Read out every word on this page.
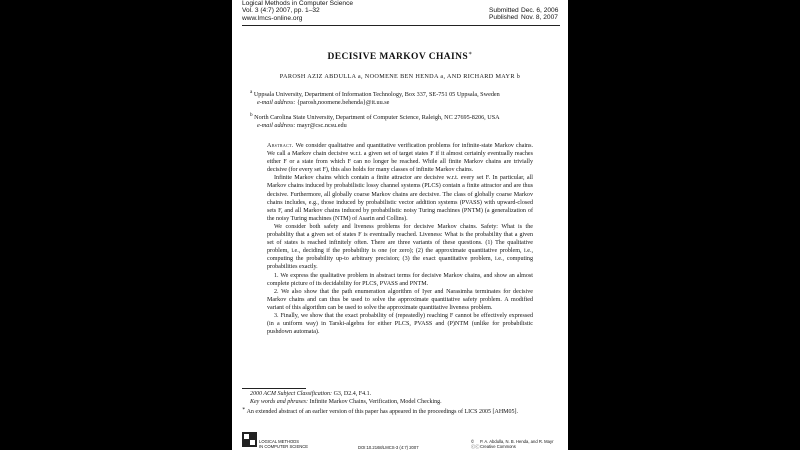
Logical Methods in Computer Science
Vol. 3 (4:7) 2007, pp. 1–32
www.lmcs-online.org
Submitted Dec. 6, 2006
Published Nov. 8, 2007
DECISIVE MARKOV CHAINS∗
PAROSH AZIZ ABDULLA a, NOOMENE BEN HENDA a, AND RICHARD MAYR b
$^a$ Uppsala University, Department of Information Technology, Box 337, SE-751 05 Uppsala, Sweden
e-mail address: {parosh,noomene.behenda}@it.uu.se
$^b$ North Carolina State University, Department of Computer Science, Raleigh, NC 27695-8206, USA
e-mail address: mayr@csc.ncsu.edu

Abstract. We consider qualitative and quantitative verification problems for infinite-state Markov chains. We call a Markov chain decisive w.r.t. a given set of target states F if it almost certainly eventually reaches either F or a state from which F can no longer be reached. While all finite Markov chains are trivially decisive (for every set F), this also holds for many classes of infinite Markov chains.

Infinite Markov chains which contain a finite attractor are decisive w.r.t. every set F. In particular, all Markov chains induced by probabilistic lossy channel systems (PLCS) contain a finite attractor and are thus decisive. Furthermore, all globally coarse Markov chains are decisive. The class of globally coarse Markov chains includes, e.g., those induced by probabilistic vector addition systems (PVASS) with upward-closed sets F, and all Markov chains induced by probabilistic noisy Turing machines (PNTM) (a generalization of the noisy Turing machines (NTM) of Asarin and Collins).

We consider both safety and liveness problems for decisive Markov chains. Safety: What is the probability that a given set of states F is eventually reached. Liveness: What is the probability that a given set of states is reached infinitely often. There are three variants of these questions. (1) The qualitative problem, i.e., deciding if the probability is one (or zero); (2) the approximate quantitative problem, i.e., computing the probability up-to arbitrary precision; (3) the exact quantitative problem, i.e., computing probabilities exactly.

1. We express the qualitative problem in abstract terms for decisive Markov chains, and show an almost complete picture of its decidability for PLCS, PVASS and PNTM.

2. We also show that the path enumeration algorithm of Iyer and Narasimha terminates for decisive Markov chains and can thus be used to solve the approximate quantitative safety problem. A modified variant of this algorithm can be used to solve the approximate quantitative liveness problem.

3. Finally, we show that the exact probability of (repeatedly) reaching F cannot be effectively expressed (in a uniform way) in Tarski-algebra for either PLCS, PVASS and (P)NTM (unlike for probabilistic pushdown automata).

2000 ACM Subject Classification: G3, D2.4, F4.1.
Key words and phrases: Infinite Markov Chains, Verification, Model Checking.
∗ An extended abstract of an earlier version of this paper has appeared in the proceedings of LICS 2005 [AHM05].
LOGICAL METHODS
IN COMPUTER SCIENCE	DOI:10.2168/LMCS-3 (4:7) 2007
© P. A. Abdulla, N. B. Henda, and R. Mayr
ⓒⓒCreative Commons
